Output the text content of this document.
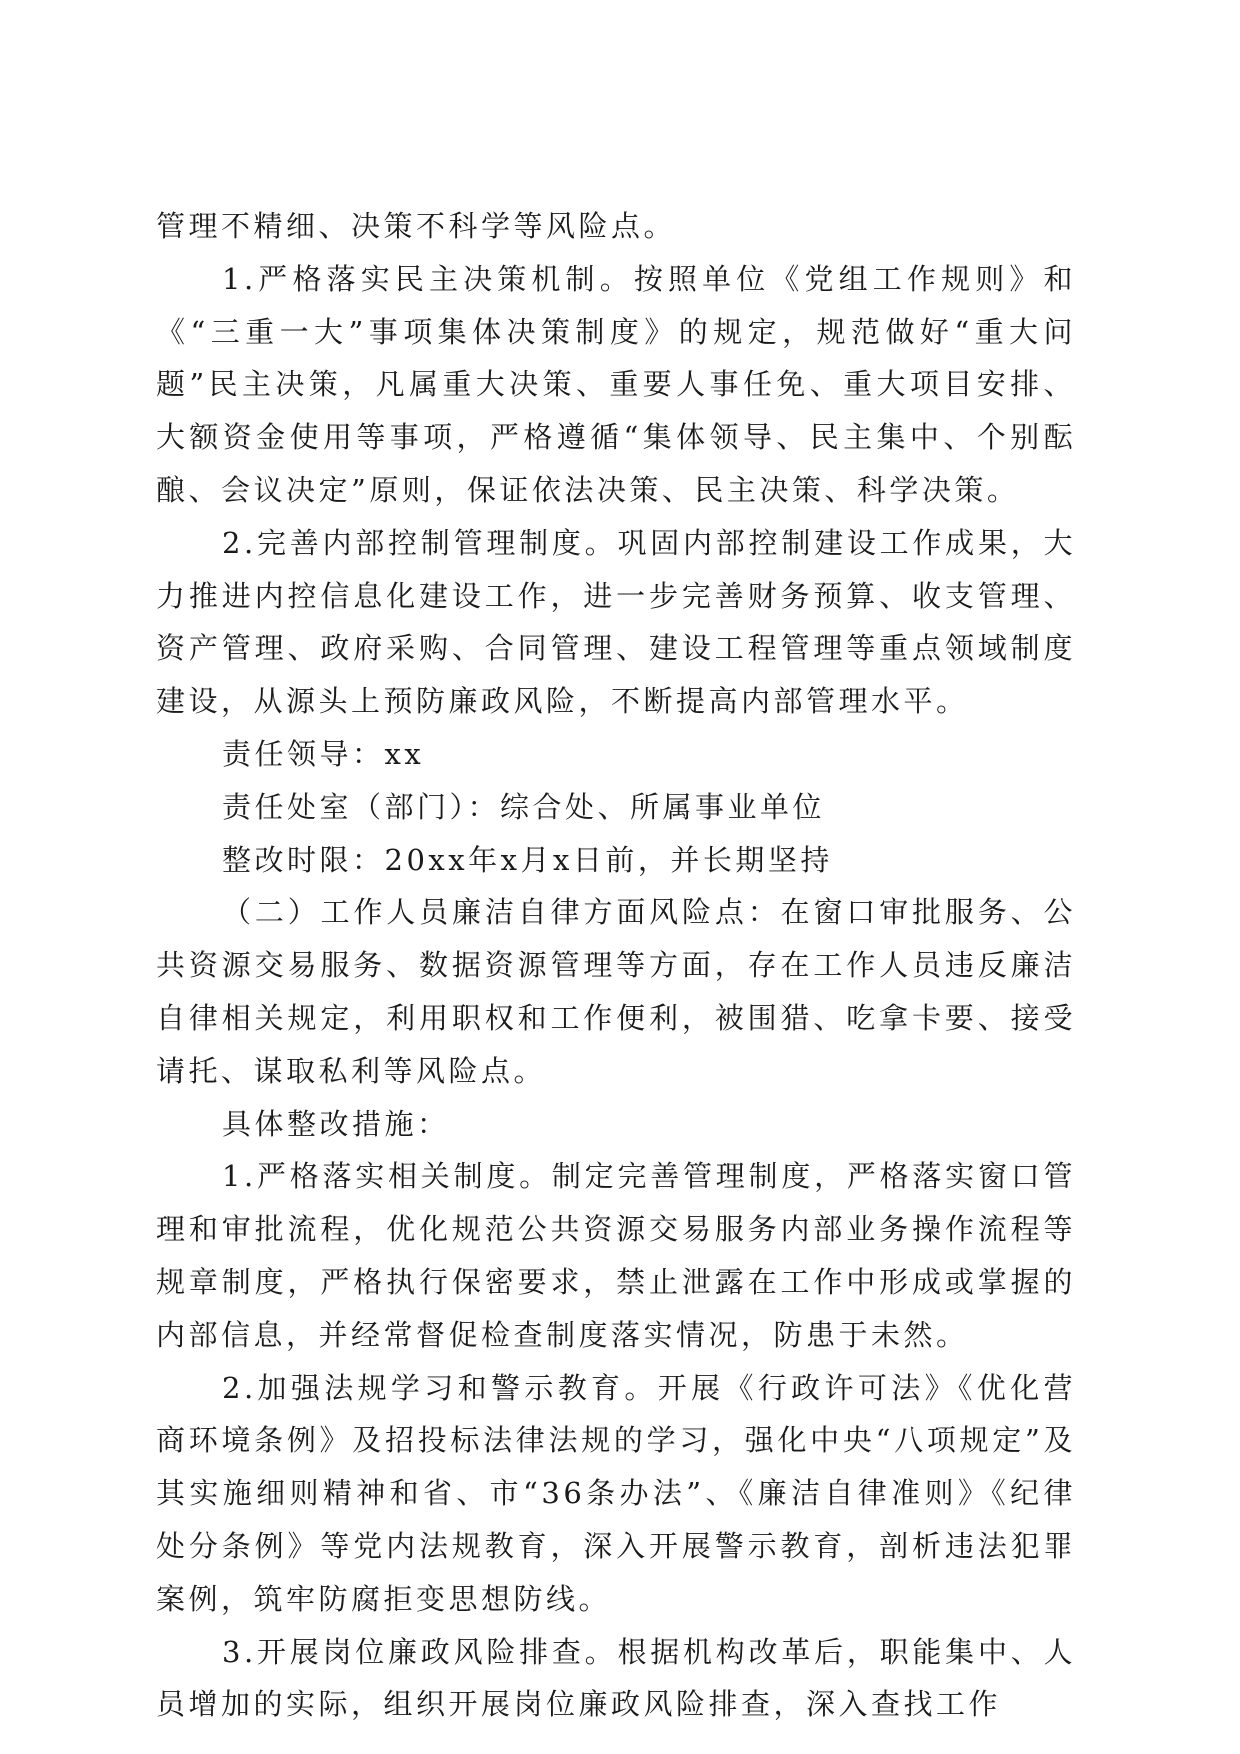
管理不精细、决策不科学等风险点。

1.严格落实民主决策机制。按照单位《党组工作规则》和《“三重一大”事项集体决策制度》的规定，规范做好“重大问题”民主决策，凡属重大决策、重要人事任免、重大项目安排、大额资金使用等事项，严格遵循“集体领导、民主集中、个别酝酿、会议决定”原则，保证依法决策、民主决策、科学决策。

2.完善内部控制管理制度。巩固内部控制建设工作成果，大力推进内控信息化建设工作，进一步完善财务预算、收支管理、资产管理、政府采购、合同管理、建设工程管理等重点领域制度建设，从源头上预防廉政风险，不断提高内部管理水平。

责任领导：xx

责任处室（部门）：综合处、所属事业单位

整改时限：20xx年x月x日前，并长期坚持

（二）工作人员廉洁自律方面风险点：在窗口审批服务、公共资源交易服务、数据资源管理等方面，存在工作人员违反廉洁自律相关规定，利用职权和工作便利，被围猎、吃拿卡要、接受请托、谋取私利等风险点。

具体整改措施：

1.严格落实相关制度。制定完善管理制度，严格落实窗口管理和审批流程，优化规范公共资源交易服务内部业务操作流程等规章制度，严格执行保密要求，禁止泄露在工作中形成或掌握的内部信息，并经常督促检查制度落实情况，防患于未然。

2.加强法规学习和警示教育。开展《行政许可法》《优化营商环境条例》及招投标法律法规的学习，强化中央“八项规定”及其实施细则精神和省、市“36条办法”、《廉洁自律准则》《纪律处分条例》等党内法规教育，深入开展警示教育，剖析违法犯罪案例，筑牢防腐拒变思想防线。

3.开展岗位廉政风险排查。根据机构改革后，职能集中、人员增加的实际，组织开展岗位廉政风险排查，深入查找工作
